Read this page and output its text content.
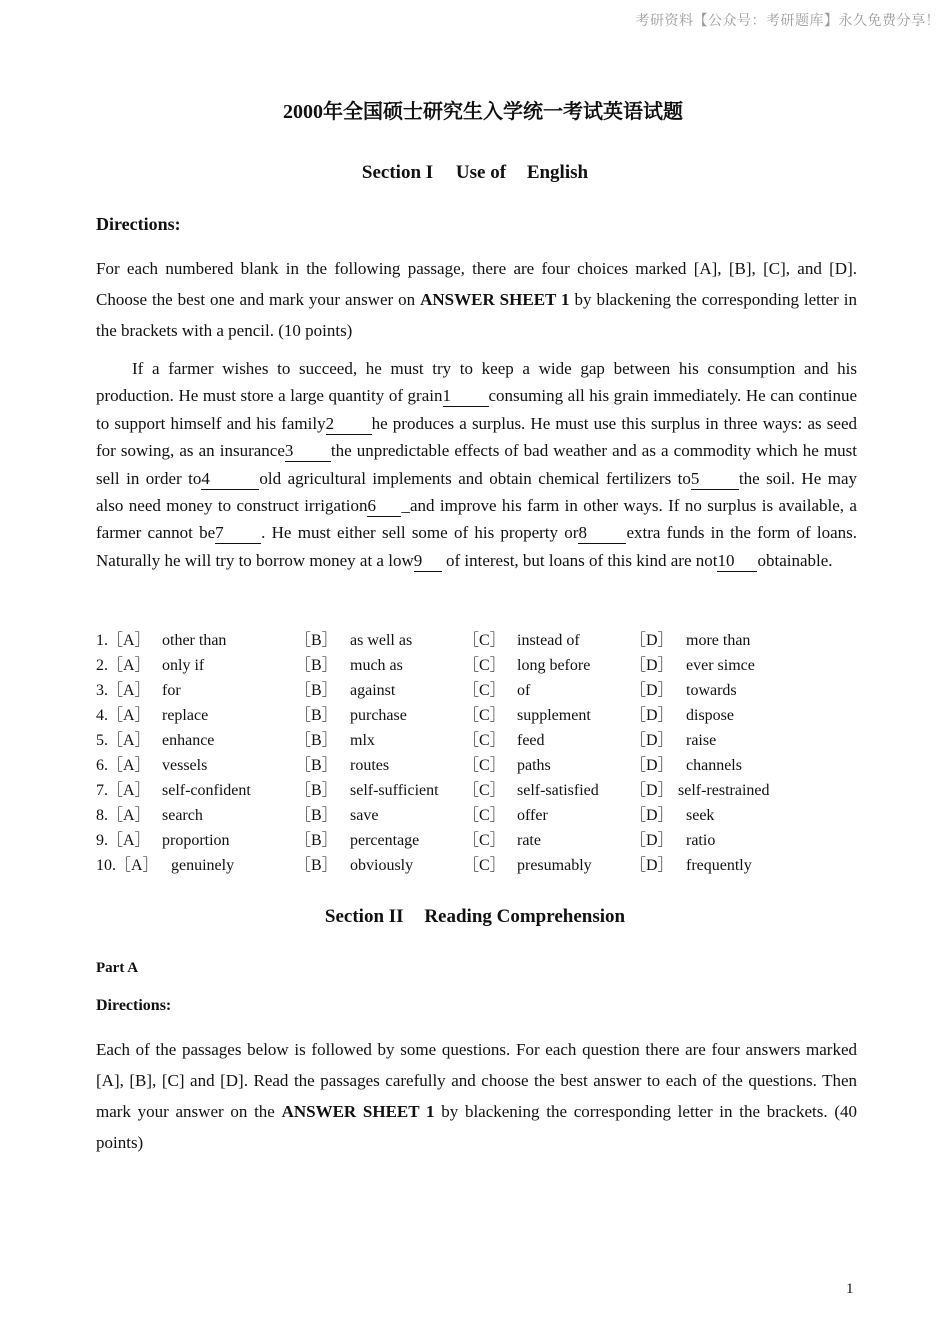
考研资料【公众号：考研题库】永久免费分享！
2000年全国硕士研究生入学统一考试英语试题
Section I Use of English
Directions:
For each numbered blank in the following passage, there are four choices marked [A], [B], [C], and [D]. Choose the best one and mark your answer on ANSWER SHEET 1 by blackening the corresponding letter in the brackets with a pencil. (10 points)
If a farmer wishes to succeed, he must try to keep a wide gap between his consumption and his production. He must store a large quantity of grain1 consuming all his grain immediately. He can continue to support himself and his family2 he produces a surplus. He must use this surplus in three ways: as seed for sowing, as an insurance3 the unpredictable effects of bad weather and as a commodity which he must sell in order to4	old agricultural implements and obtain chemical fertilizers to5 the soil. He may also need money to construct irrigation6 _and improve his farm in other ways. If no surplus is available, a farmer cannot be7 . He must either sell some of his property or8 extra funds in the form of loans. Naturally he will try to borrow money at a low9 of interest, but loans of this kind are not10 obtainable.
1. ［A］ other than	［B］ as well as	［C］ instead of	［D］ more than
2. ［A］ only if	［B］ much as	［C］ long before ［D］ ever simce
3. ［A］ for	［B］ against	［C］ of	［D］ towards
4. ［A］ replace	［B］ purchase	［C］ supplement ［D］ dispose
5. ［A］ enhance	［B］ mlx	［C］ feed	［D］ raise
6. ［A］ vessels	［B］ routes	［C］ paths	［D］ channels
7. ［A］ self-confident	［B］ self-sufficient ［C］ self-satisfied ［D］ self-restrained
8. ［A］ search	［B］ save	［C］ offer	［D］ seek
9. ［A］ proportion	［B］ percentage	［C］ rate	［D］ ratio
10. ［A］ genuinely	［B］ obviously	［C］ presumably ［D］ frequently
Section II Reading Comprehension
Part A
Directions:
Each of the passages below is followed by some questions. For each question there are four answers marked [A], [B], [C] and [D]. Read the passages carefully and choose the best answer to each of the questions. Then mark your answer on the ANSWER SHEET 1 by blackening the corresponding letter in the brackets. (40 points)
1
